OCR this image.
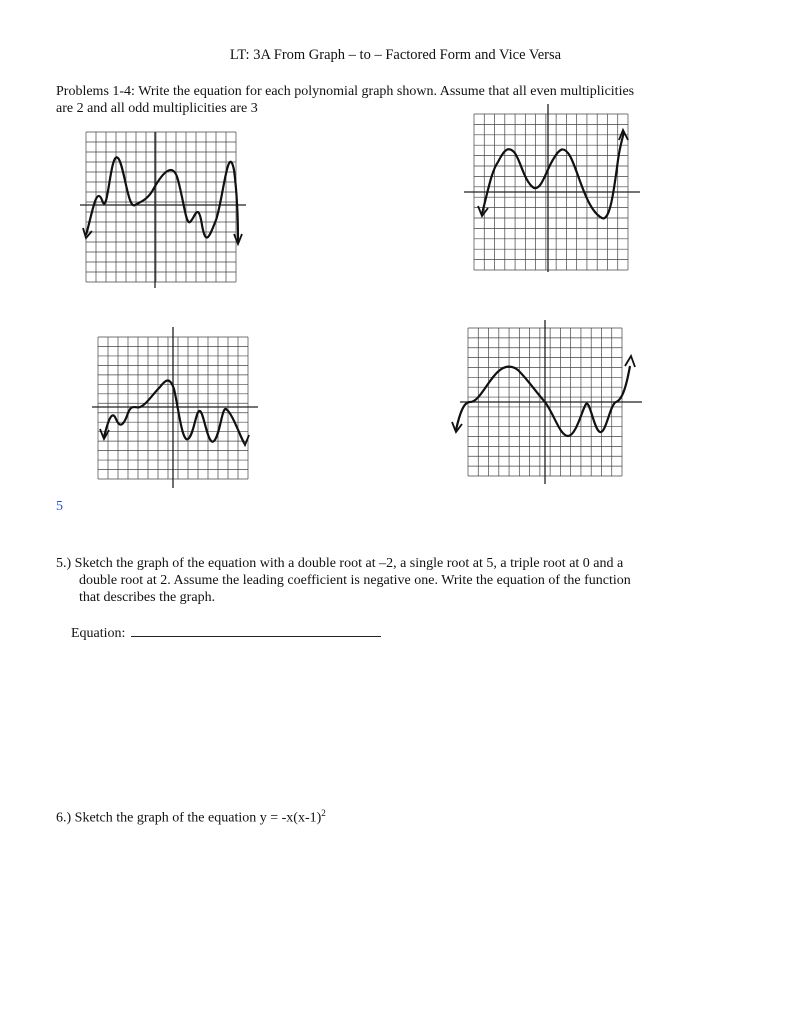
LT: 3A From Graph – to – Factored Form and Vice Versa
Problems 1-4: Write the equation for each polynomial graph shown. Assume that all even multiplicities
are 2 and all odd multiplicities are 3
5
5.) Sketch the graph of the equation with a double root at –2, a single root at 5, a triple root at 0 and a
double root at 2. Assume the leading coefficient is negative one. Write the equation of the function
that describes the graph.
Equation:
6.) Sketch the graph of the equation $y = -x(x-1)^2$
